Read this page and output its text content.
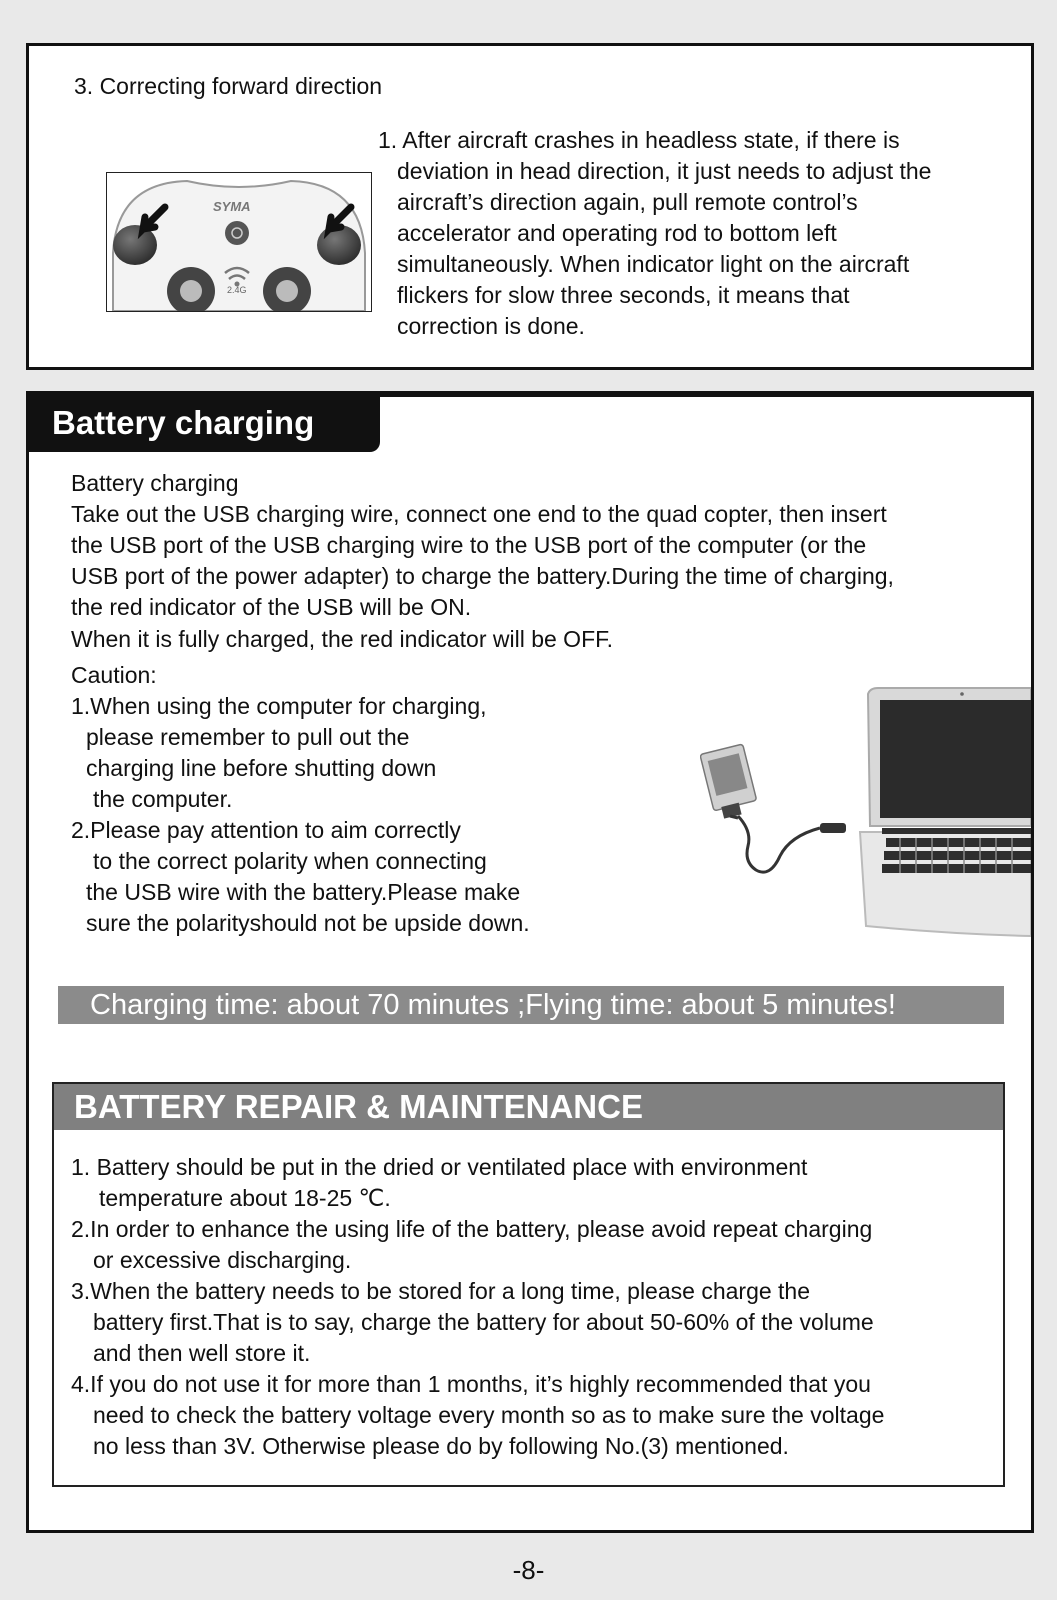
3. Correcting forward direction

SYMA
2.4G

1. After aircraft crashes in headless state, if there is

deviation in head direction, it just needs to adjust the

aircraft’s direction again, pull remote control’s

accelerator and operating rod to bottom left

simultaneously. When indicator light on the aircraft

flickers for slow three seconds, it means that

correction is done.

Battery charging

Battery charging

Take out the USB charging wire, connect one end to the quad copter, then insert

the USB port of the USB charging wire to the USB port of the computer (or the

USB port of the power adapter) to charge the battery.During the time of charging,

the red indicator of the USB will be ON.

When it is fully charged, the red indicator will be OFF.

Caution:

1.When using the computer for charging,

please remember to pull out the

charging line before shutting down

the computer.

2.Please pay attention to aim correctly

to the correct polarity when connecting

the USB wire with the battery.Please make

sure the polarityshould not be upside down.

Charging time: about 70 minutes ;Flying time: about 5 minutes!
BATTERY REPAIR & MAINTENANCE

1. Battery should be put in the dried or ventilated place with environment

temperature about 18-25 ℃.

2.In order to enhance the using life of the battery, please avoid repeat charging

or excessive discharging.

3.When the battery needs to be stored for a long time, please charge the

battery first.That is to say, charge the battery for about 50-60% of the volume

and then well store it.

4.If you do not use it for more than 1 months, it’s highly recommended that you

need to check the battery voltage every month so as to make sure the voltage

no less than 3V. Otherwise please do by following No.(3) mentioned.

-8-
